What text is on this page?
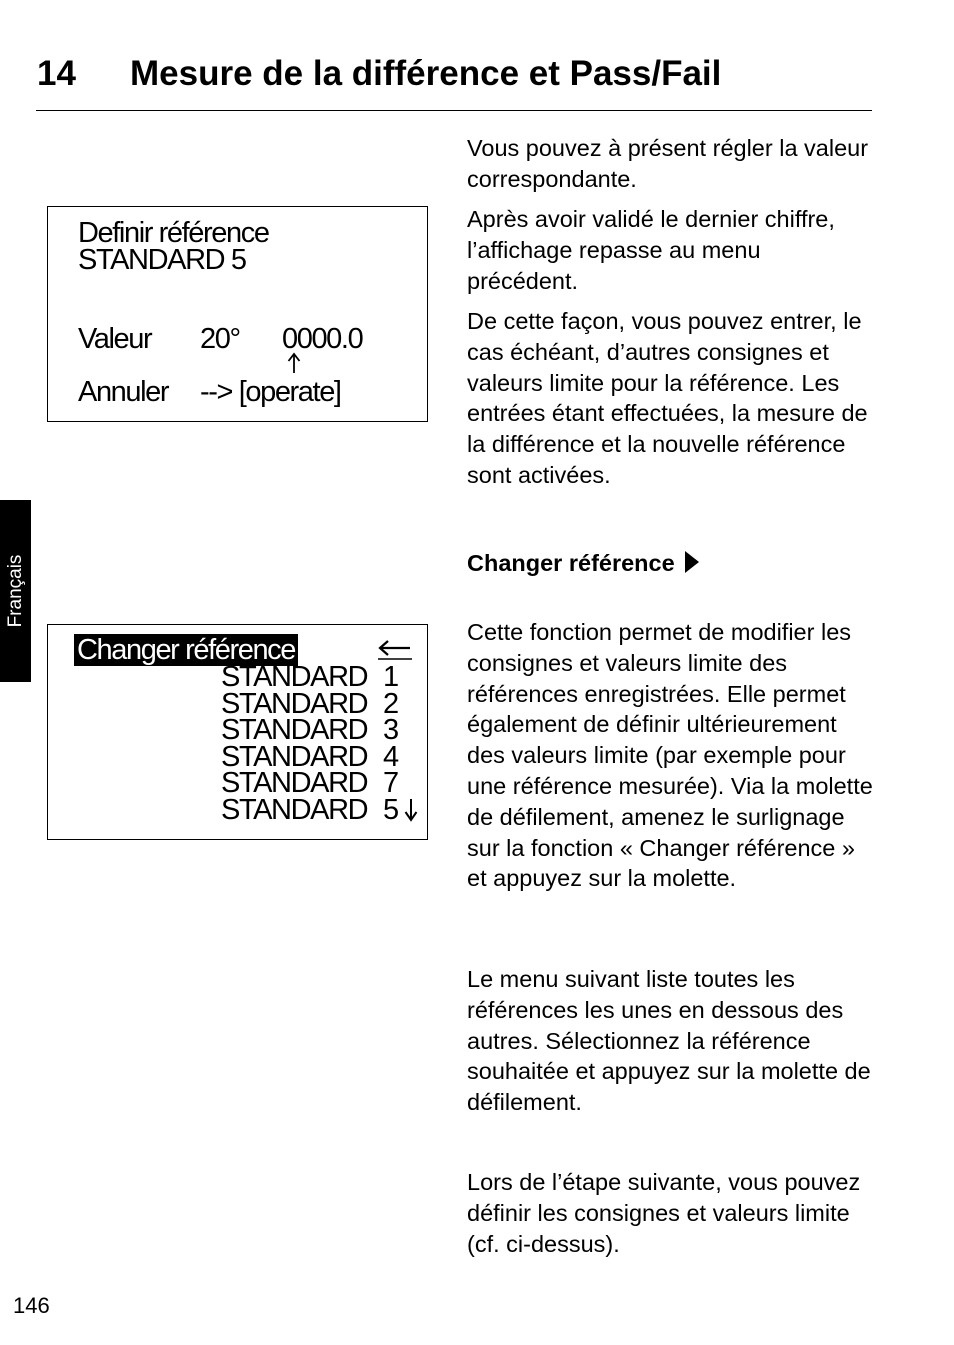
14 Mesure de la différence et Pass/Fail
Français

Definir référence

STANDARD 5

Valeur 20° 0000.0

Annuler --> [operate]

Changer référence

STANDARD 1

STANDARD 2

STANDARD 3

STANDARD 4

STANDARD 7

STANDARD 5

Vous pouvez à présent régler la valeur correspondante.

Après avoir validé le dernier chiffre, l’affichage repasse au menu précédent.

De cette façon, vous pouvez entrer, le cas échéant, d’autres consignes et valeurs limite pour la référence. Les entrées étant effectuées, la mesure de la différence et la nouvelle référence sont activées.

Changer référence

Cette fonction permet de modifier les consignes et valeurs limite des références enregistrées. Elle permet également de définir ultérieurement des valeurs limite (par exemple pour une référence mesurée). Via la molette de défilement, amenez le surlignage sur la fonction « Changer référence » et appuyez sur la molette.

Le menu suivant liste toutes les références les unes en dessous des autres. Sélectionnez la référence souhaitée et appuyez sur la molette de défilement.

Lors de l’étape suivante, vous pouvez définir les consignes et valeurs limite (cf. ci-dessus).

146
